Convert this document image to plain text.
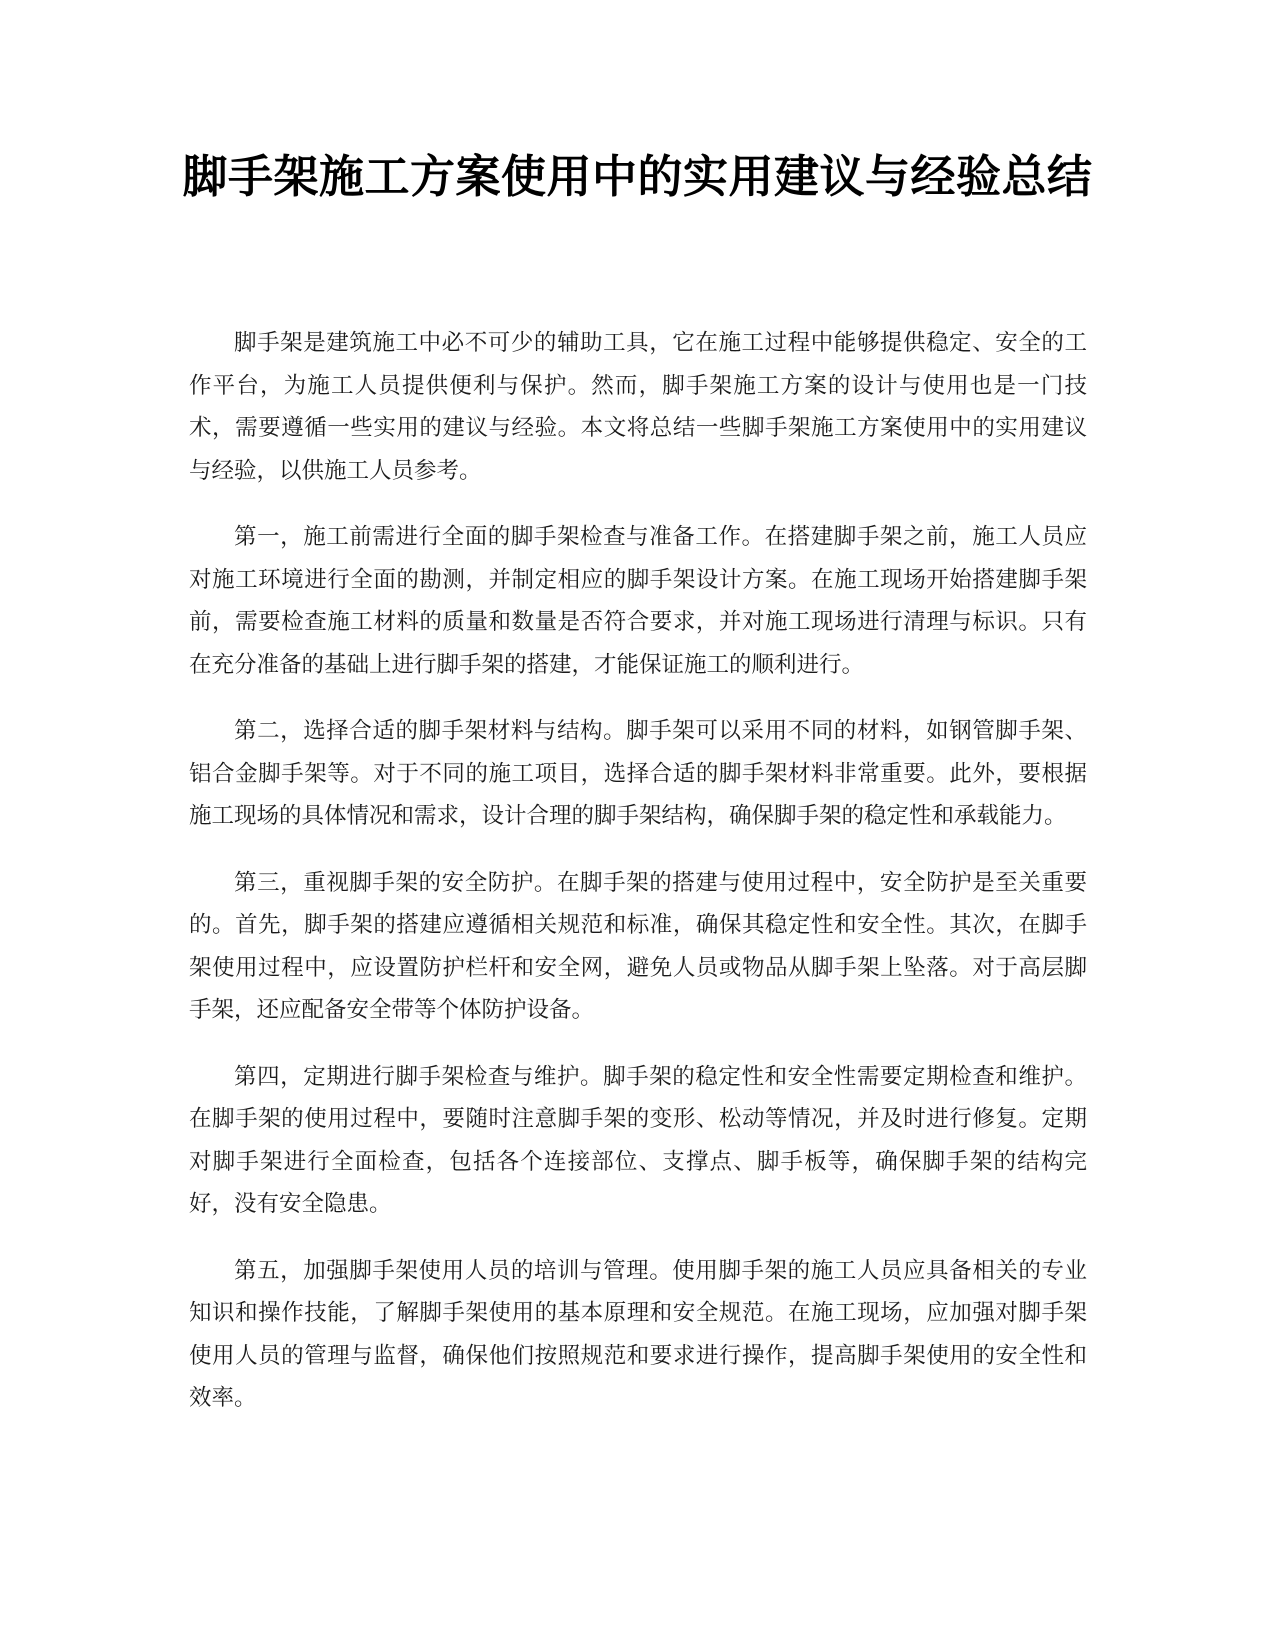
脚手架施工方案使用中的实用建议与经验总结

脚手架是建筑施工中必不可少的辅助工具，它在施工过程中能够提供稳定、安全的工作平台，为施工人员提供便利与保护。然而，脚手架施工方案的设计与使用也是一门技术，需要遵循一些实用的建议与经验。本文将总结一些脚手架施工方案使用中的实用建议与经验，以供施工人员参考。

第一，施工前需进行全面的脚手架检查与准备工作。在搭建脚手架之前，施工人员应对施工环境进行全面的勘测，并制定相应的脚手架设计方案。在施工现场开始搭建脚手架前，需要检查施工材料的质量和数量是否符合要求，并对施工现场进行清理与标识。只有在充分准备的基础上进行脚手架的搭建，才能保证施工的顺利进行。

第二，选择合适的脚手架材料与结构。脚手架可以采用不同的材料，如钢管脚手架、铝合金脚手架等。对于不同的施工项目，选择合适的脚手架材料非常重要。此外，要根据施工现场的具体情况和需求，设计合理的脚手架结构，确保脚手架的稳定性和承载能力。

第三，重视脚手架的安全防护。在脚手架的搭建与使用过程中，安全防护是至关重要的。首先，脚手架的搭建应遵循相关规范和标准，确保其稳定性和安全性。其次，在脚手架使用过程中，应设置防护栏杆和安全网，避免人员或物品从脚手架上坠落。对于高层脚手架，还应配备安全带等个体防护设备。

第四，定期进行脚手架检查与维护。脚手架的稳定性和安全性需要定期检查和维护。在脚手架的使用过程中，要随时注意脚手架的变形、松动等情况，并及时进行修复。定期对脚手架进行全面检查，包括各个连接部位、支撑点、脚手板等，确保脚手架的结构完好，没有安全隐患。

第五，加强脚手架使用人员的培训与管理。使用脚手架的施工人员应具备相关的专业知识和操作技能，了解脚手架使用的基本原理和安全规范。在施工现场，应加强对脚手架使用人员的管理与监督，确保他们按照规范和要求进行操作，提高脚手架使用的安全性和效率。
